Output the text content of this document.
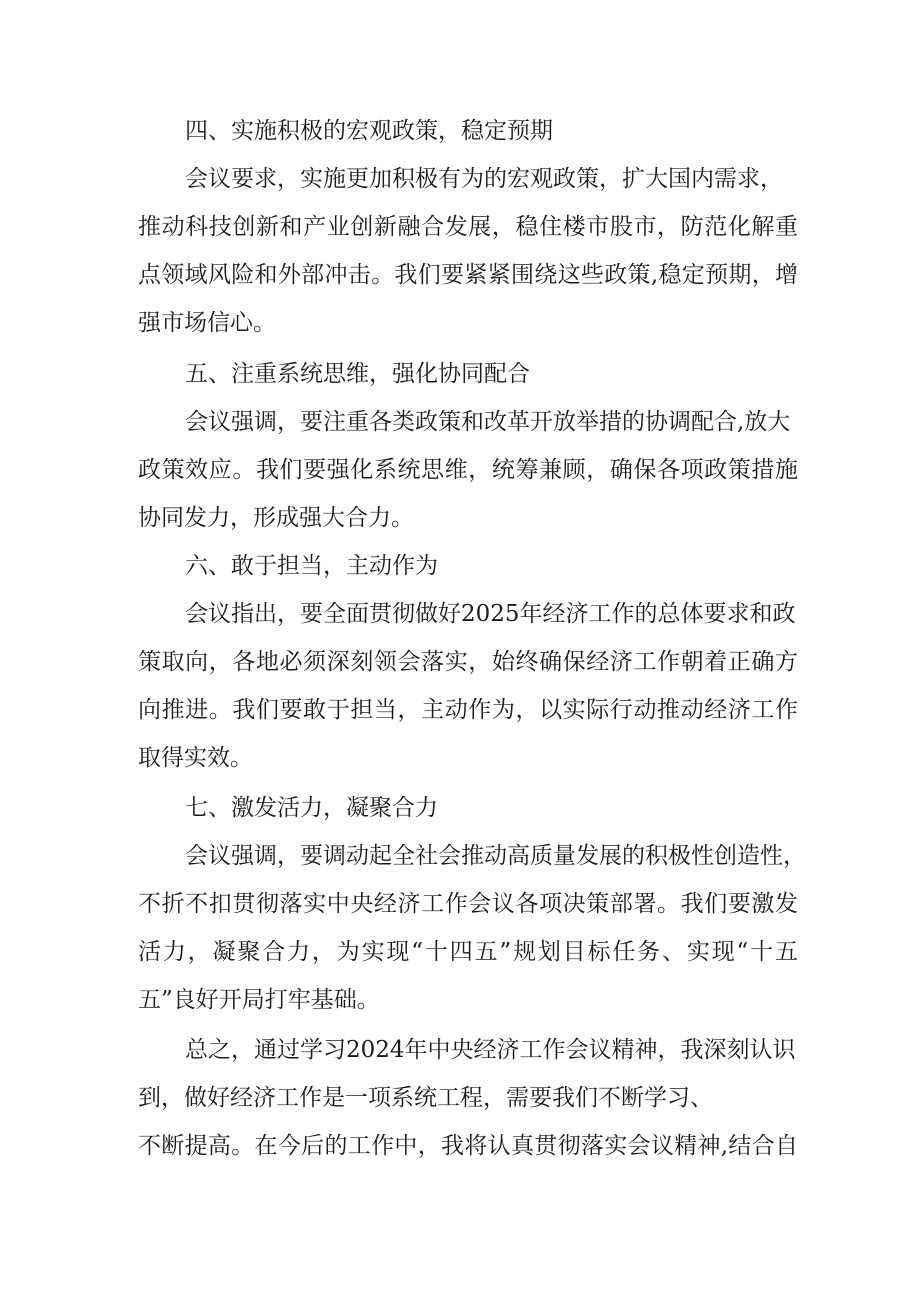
四、实施积极的宏观政策，稳定预期
会议要求，实施更加积极有为的宏观政策，扩大国内需求，
推动科技创新和产业创新融合发展，稳住楼市股市，防范化解重
点领域风险和外部冲击。我们要紧紧围绕这些政策,稳定预期，增
强市场信心。
五、注重系统思维，强化协同配合
会议强调，要注重各类政策和改革开放举措的协调配合,放大
政策效应。我们要强化系统思维，统筹兼顾，确保各项政策措施
协同发力，形成强大合力。
六、敢于担当，主动作为
会议指出，要全面贯彻做好2025年经济工作的总体要求和政
策取向，各地必须深刻领会落实，始终确保经济工作朝着正确方
向推进。我们要敢于担当，主动作为，以实际行动推动经济工作
取得实效。
七、激发活力，凝聚合力
会议强调，要调动起全社会推动高质量发展的积极性创造性，
不折不扣贯彻落实中央经济工作会议各项决策部署。我们要激发
活力，凝聚合力，为实现“十四五”规划目标任务、实现“十五
五”良好开局打牢基础。
总之，通过学习2024年中央经济工作会议精神，我深刻认识
到，做好经济工作是一项系统工程，需要我们不断学习、
不断提高。在今后的工作中，我将认真贯彻落实会议精神,结合自
